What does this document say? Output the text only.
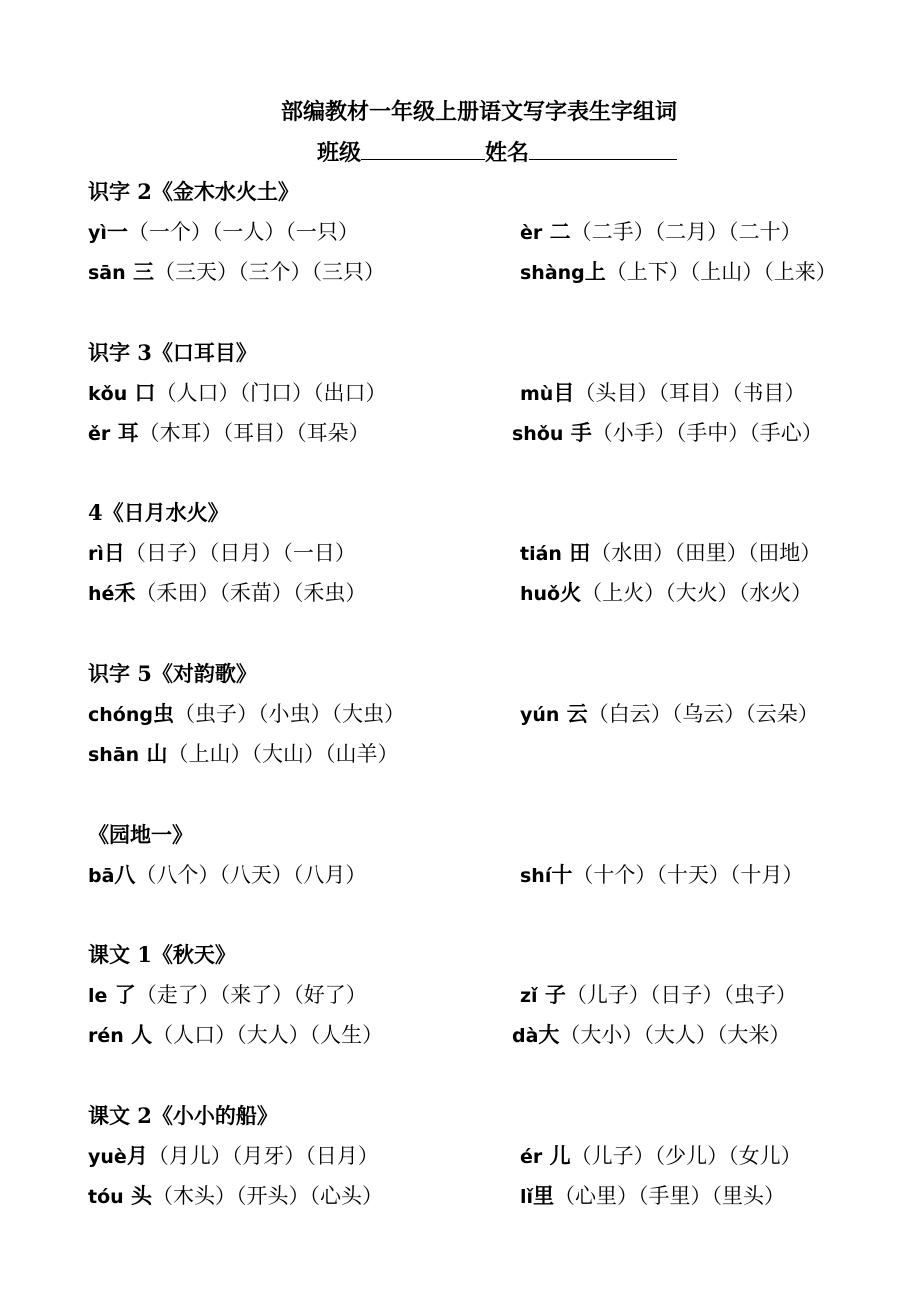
部编教材一年级上册语文写字表生字组词
班级	姓名
识字 2《金木水火土》
yì一（一个）（一人）（一只）	èr 二（二手）（二月）（二十）
sān 三（三天）（三个）（三只）	shàng上（上下）（上山）（上来）
识字 3《口耳目》
kǒu 口（人口）（门口）（出口）	mù目（头目）（耳目）（书目）
ěr 耳（木耳）（耳目）（耳朵）	shǒu 手（小手）（手中）（手心）
4《日月水火》
rì日（日子）（日月）（一日）	tián 田（水田）（田里）（田地）
hé禾（禾田）（禾苗）（禾虫）	huǒ火（上火）（大火）（水火）
识字 5《对韵歌》
chóng虫（虫子）（小虫）（大虫）	yún 云（白云）（乌云）（云朵）
shān 山（上山）（大山）（山羊）
《园地一》
bā八（八个）（八天）（八月）	shí十（十个）（十天）（十月）
课文 1《秋天》
le 了（走了）（来了）（好了）	zǐ 子（儿子）（日子）（虫子）
rén 人（人口）（大人）（人生）	dà大（大小）（大人）（大米）
课文 2《小小的船》
yuè月（月儿）（月牙）（日月）	ér 儿（儿子）（少儿）（女儿）
tóu 头（木头）（开头）（心头）	lǐ里（心里）（手里）（里头）
